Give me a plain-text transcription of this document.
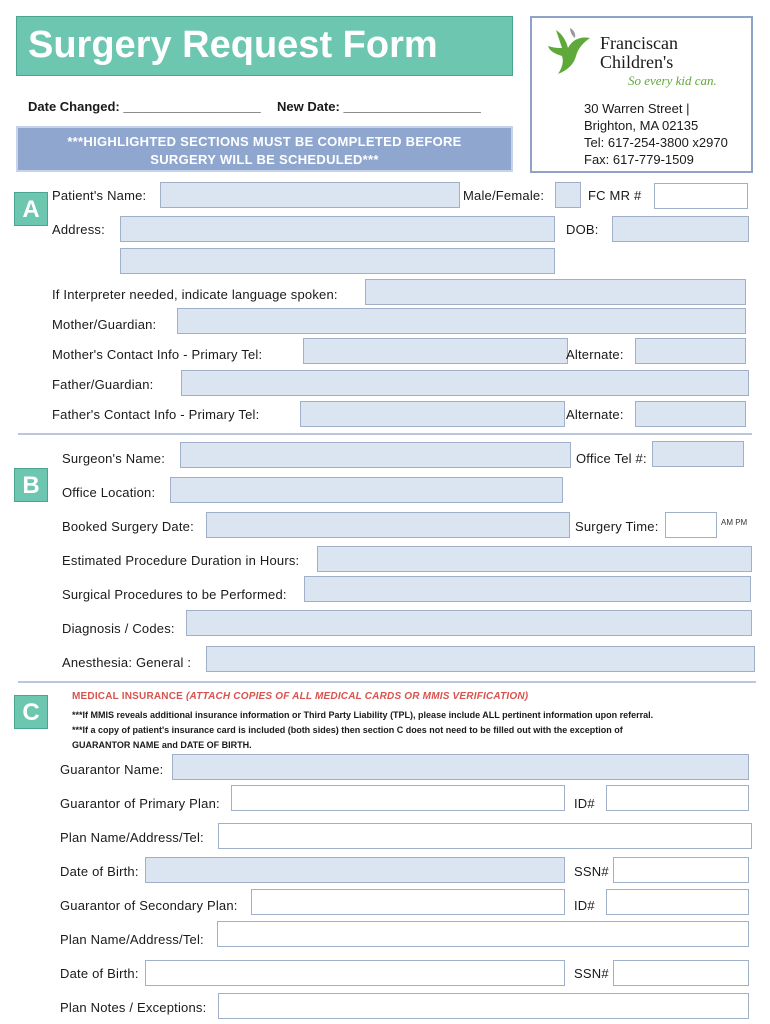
Surgery Request Form
Date Changed: ___________________ New Date: ___________________
***HIGHLIGHTED SECTIONS MUST BE COMPLETED BEFORE
SURGERY WILL BE SCHEDULED***
Franciscan
Children's
So every kid can.
30 Warren Street |
Brighton, MA 02135
Tel: 617-254-3800 x2970
Fax: 617-779-1509
A
Patient's Name:	Male/Female:	FC MR #
Address:	DOB:
If Interpreter needed, indicate language spoken:
Mother/Guardian:
Mother's Contact Info - Primary Tel:	Alternate:
Father/Guardian:
Father's Contact Info - Primary Tel:	Alternate:
B
Surgeon's Name:	Office Tel #:
Office Location:
Booked Surgery Date:	Surgery Time:	AM PM
Estimated Procedure Duration in Hours:
Surgical Procedures to be Performed:
Diagnosis / Codes:
Anesthesia: General :
C
MEDICAL INSURANCE (ATTACH COPIES OF ALL MEDICAL CARDS OR MMIS VERIFICATION)
***If MMIS reveals additional insurance information or Third Party Liability (TPL), please include ALL pertinent information upon referral.
***If a copy of patient's insurance card is included (both sides) then section C does not need to be filled out with the exception of
GUARANTOR NAME and DATE OF BIRTH.
Guarantor Name:
Guarantor of Primary Plan:	ID#
Plan Name/Address/Tel:
Date of Birth:	SSN#
Guarantor of Secondary Plan:	ID#
Plan Name/Address/Tel:
Date of Birth:	SSN#
Plan Notes / Exceptions:
